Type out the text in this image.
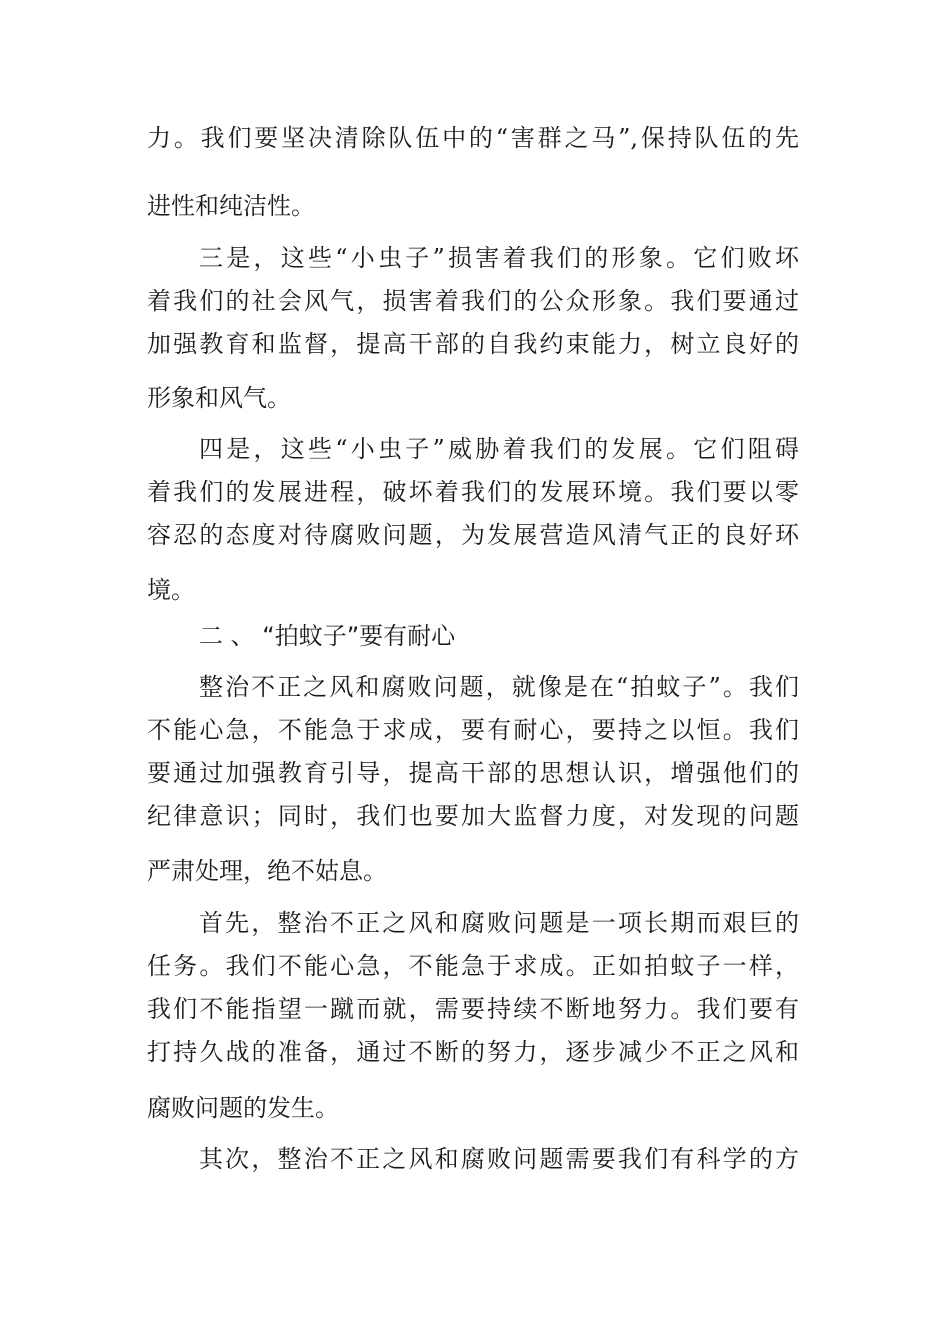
力。我们要坚决清除队伍中的“害群之马”,保持队伍的先

进性和纯洁性。

三是，这些“小虫子”损害着我们的形象。它们败坏

着我们的社会风气，损害着我们的公众形象。我们要通过

加强教育和监督，提高干部的自我约束能力，树立良好的

形象和风气。

四是，这些“小虫子”威胁着我们的发展。它们阻碍

着我们的发展进程，破坏着我们的发展环境。我们要以零

容忍的态度对待腐败问题，为发展营造风清气正的良好环

境。

二 、 “拍蚊子”要有耐心

整治不正之风和腐败问题，就像是在“拍蚊子”。我们

不能心急，不能急于求成，要有耐心，要持之以恒。我们

要通过加强教育引导，提高干部的思想认识，增强他们的

纪律意识；同时，我们也要加大监督力度，对发现的问题

严肃处理，绝不姑息。

首先，整治不正之风和腐败问题是一项长期而艰巨的

任务。我们不能心急，不能急于求成。正如拍蚊子一样，

我们不能指望一蹴而就，需要持续不断地努力。我们要有

打持久战的准备，通过不断的努力，逐步减少不正之风和

腐败问题的发生。

其次，整治不正之风和腐败问题需要我们有科学的方
